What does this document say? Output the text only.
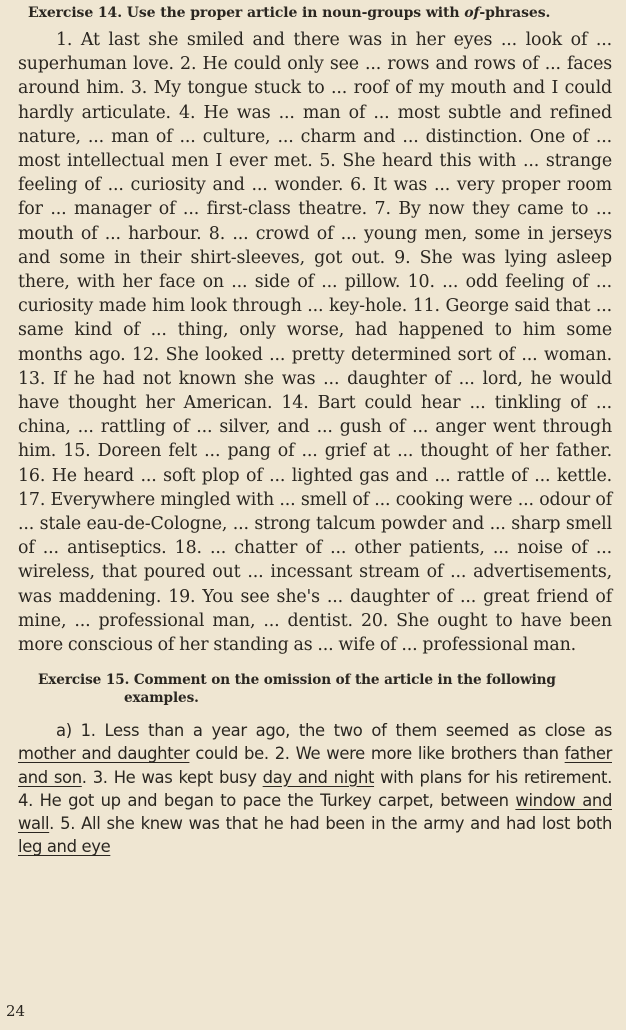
Exercise 14. Use the proper article in noun-groups with of-phrases.

1. At last she smiled and there was in her eyes ... look of ... superhuman love. 2. He could only see ... rows and rows of ... faces around him. 3. My tongue stuck to ... roof of my mouth and I could hardly articulate. 4. He was ... man of ... most subtle and refined nature, ... man of ... culture, ... charm and ... distinction. One of ... most intellectual men I ever met. 5. She heard this with ... strange feeling of ... curiosity and ... wonder. 6. It was ... very proper room for ... manager of ... first-class theatre. 7. By now they came to ... mouth of ... harbour. 8. ... crowd of ... young men, some in jerseys and some in their shirt-sleeves, got out. 9. She was lying asleep there, with her face on ... side of ... pillow. 10. ... odd feeling of ... curiosity made him look through ... key-hole. 11. George said that ... same kind of ... thing, only worse, had happened to him some months ago. 12. She looked ... pretty determined sort of ... woman. 13. If he had not known she was ... daughter of ... lord, he would have thought her American. 14. Bart could hear ... tinkling of ... china, ... rattling of ... silver, and ... gush of ... anger went through him. 15. Doreen felt ... pang of ... grief at ... thought of her father. 16. He heard ... soft plop of ... lighted gas and ... rattle of ... kettle. 17. Everywhere mingled with ... smell of ... cooking were ... odour of ... stale eau-de-Cologne, ... strong talcum powder and ... sharp smell of ... antiseptics. 18. ... chatter of ... other patients, ... noise of ... wireless, that poured out ... incessant stream of ... advertisements, was maddening. 19. You see she's ... daughter of ... great friend of mine, ... professional man, ... dentist. 20. She ought to have been more conscious of her standing as ... wife of ... professional man.

Exercise 15. Comment on the omission of the article in the following
examples.

a) 1. Less than a year ago, the two of them seemed as close as mother and daughter could be. 2. We were more like brothers than father and son. 3. He was kept busy day and night with plans for his retirement. 4. He got up and began to pace the Turkey carpet, between window and wall. 5. All she knew was that he had been in the army and had lost both leg and eye

24
